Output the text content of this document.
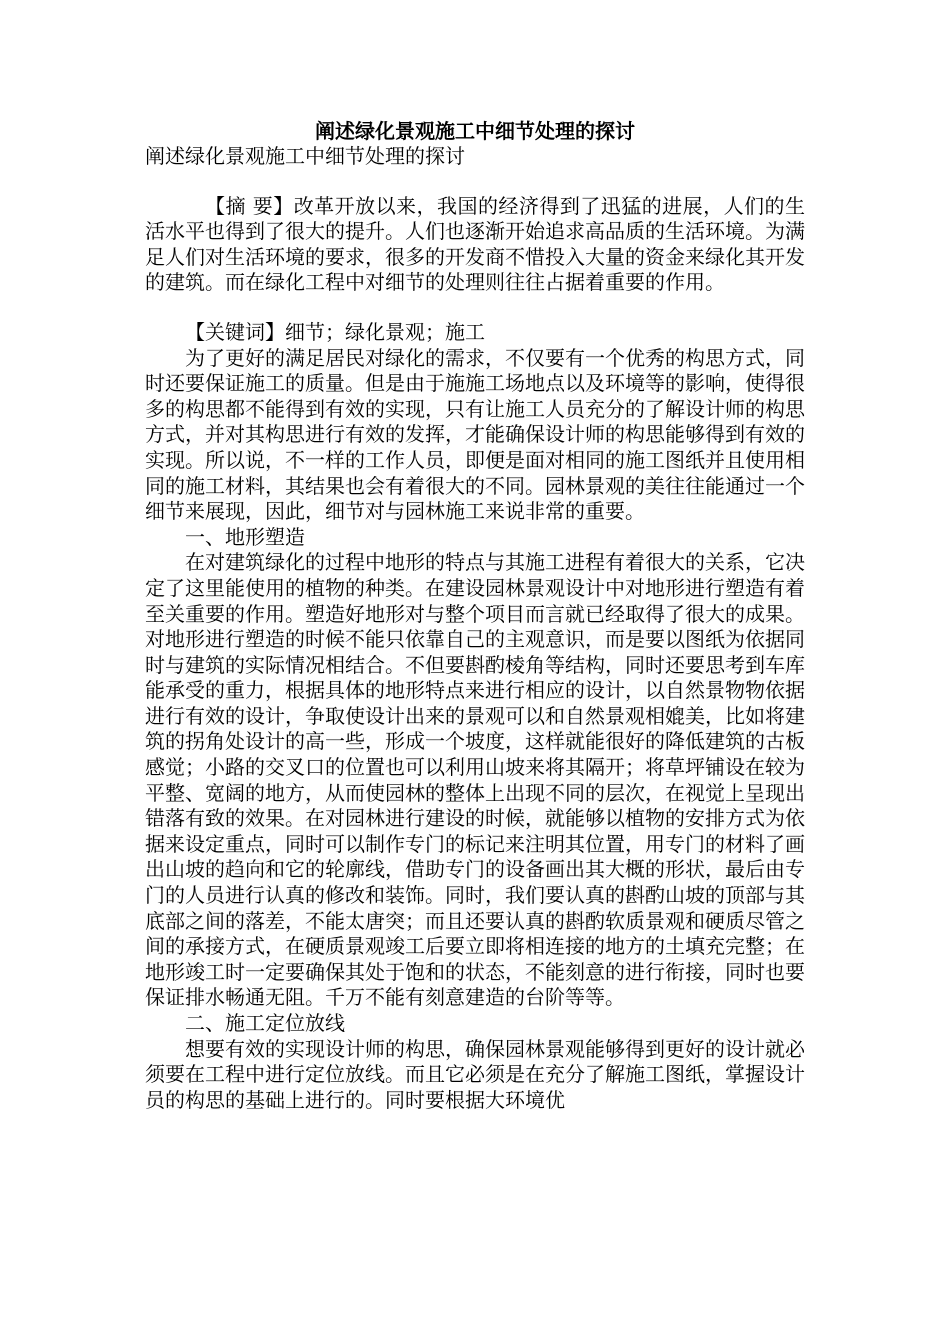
阐述绿化景观施工中细节处理的探讨

阐述绿化景观施工中细节处理的探讨

【摘 要】改革开放以来，我国的经济得到了迅猛的进展，人们的生活水平也得到了很大的提升。人们也逐渐开始追求高品质的生活环境。为满足人们对生活环境的要求，很多的开发商不惜投入大量的资金来绿化其开发的建筑。而在绿化工程中对细节的处理则往往占据着重要的作用。

【关键词】细节；绿化景观；施工

为了更好的满足居民对绿化的需求，不仅要有一个优秀的构思方式，同时还要保证施工的质量。但是由于施施工场地点以及环境等的影响，使得很多的构思都不能得到有效的实现，只有让施工人员充分的了解设计师的构思方式，并对其构思进行有效的发挥，才能确保设计师的构思能够得到有效的实现。所以说，不一样的工作人员，即便是面对相同的施工图纸并且使用相同的施工材料，其结果也会有着很大的不同。园林景观的美往往能通过一个细节来展现，因此，细节对与园林施工来说非常的重要。

一、地形塑造

在对建筑绿化的过程中地形的特点与其施工进程有着很大的关系，它决定了这里能使用的植物的种类。在建设园林景观设计中对地形进行塑造有着至关重要的作用。塑造好地形对与整个项目而言就已经取得了很大的成果。对地形进行塑造的时候不能只依靠自己的主观意识，而是要以图纸为依据同时与建筑的实际情况相结合。不但要斟酌棱角等结构，同时还要思考到车库能承受的重力，根据具体的地形特点来进行相应的设计，以自然景物物依据进行有效的设计，争取使设计出来的景观可以和自然景观相媲美，比如将建筑的拐角处设计的高一些，形成一个坡度，这样就能很好的降低建筑的古板感觉；小路的交叉口的位置也可以利用山坡来将其隔开；将草坪铺设在较为平整、宽阔的地方，从而使园林的整体上出现不同的层次，在视觉上呈现出错落有致的效果。在对园林进行建设的时候，就能够以植物的安排方式为依据来设定重点，同时可以制作专门的标记来注明其位置，用专门的材料了画出山坡的趋向和它的轮廓线，借助专门的设备画出其大概的形状，最后由专门的人员进行认真的修改和装饰。同时，我们要认真的斟酌山坡的顶部与其底部之间的落差，不能太唐突；而且还要认真的斟酌软质景观和硬质尽管之间的承接方式，在硬质景观竣工后要立即将相连接的地方的土填充完整；在地形竣工时一定要确保其处于饱和的状态，不能刻意的进行衔接，同时也要保证排水畅通无阻。千万不能有刻意建造的台阶等等。

二、施工定位放线

想要有效的实现设计师的构思，确保园林景观能够得到更好的设计就必须要在工程中进行定位放线。而且它必须是在充分了解施工图纸，掌握设计员的构思的基础上进行的。同时要根据大环境优
